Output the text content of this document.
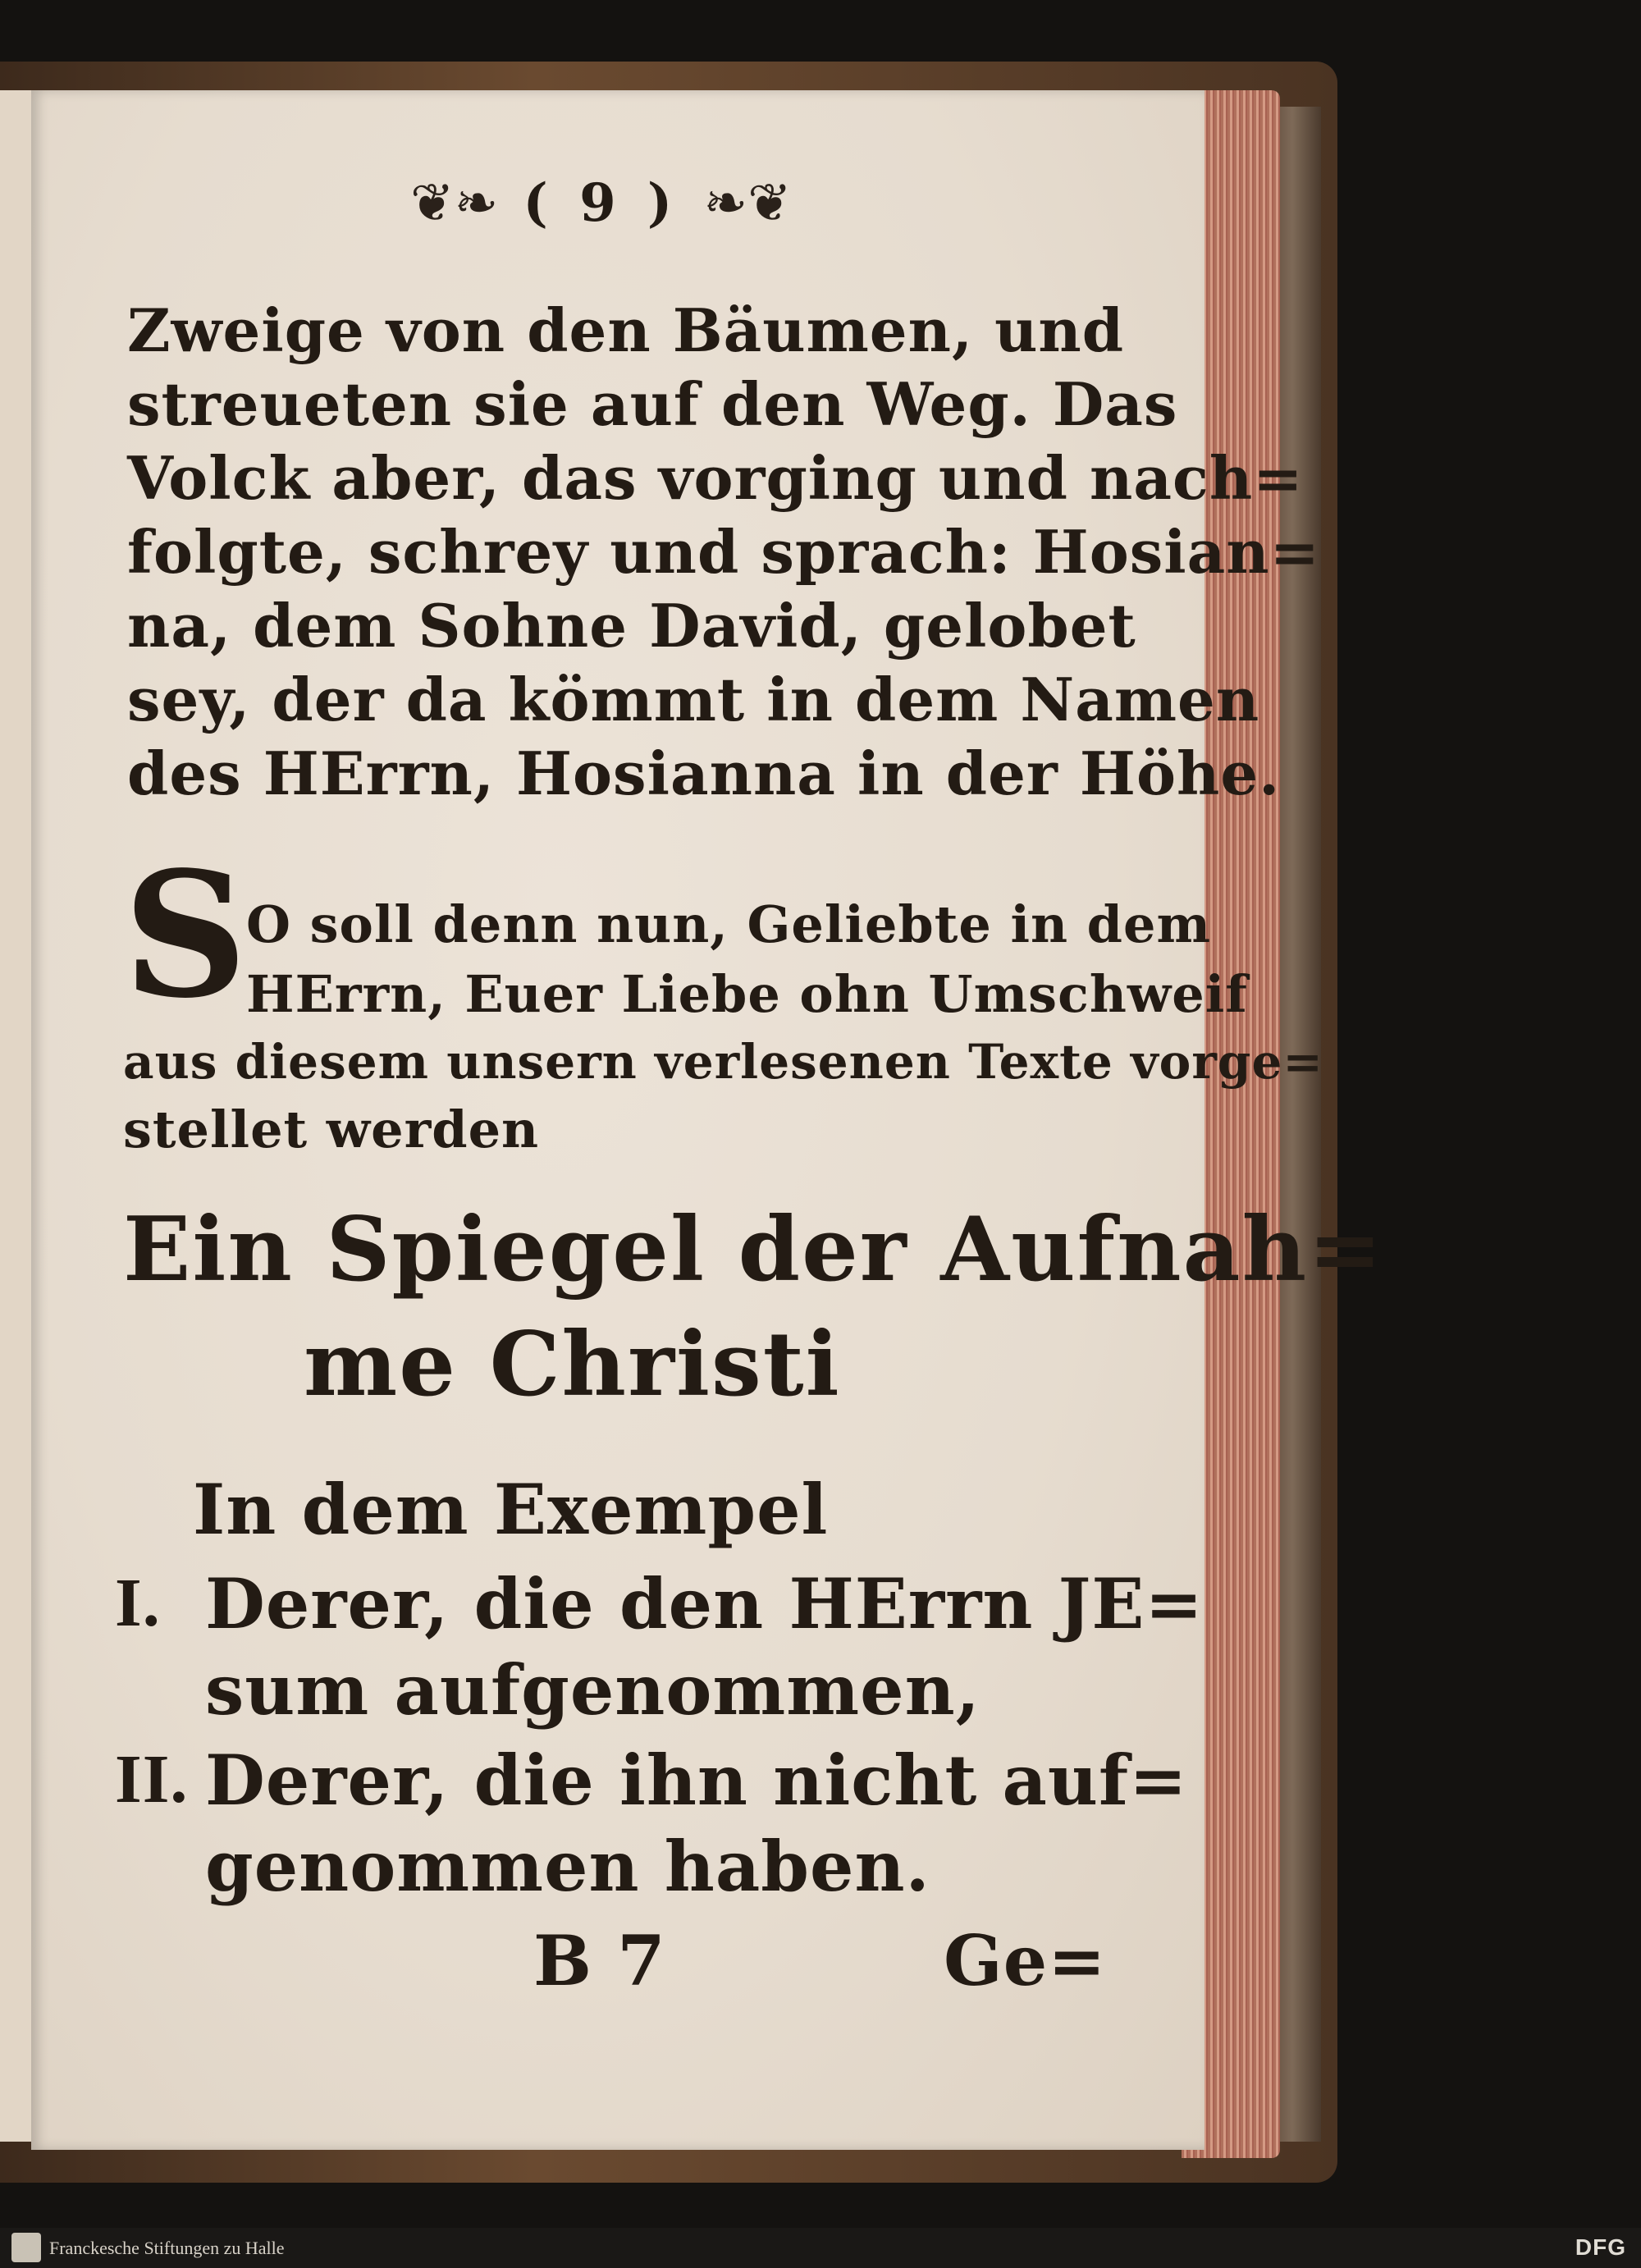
❦❧ ( 9 ) ❧❦
Zweige von den Bäumen, und
streueten sie auf den Weg. Das
Volck aber, das vorging und nach=
folgte, schrey und sprach: Hosian=
na, dem Sohne David, gelobet
sey, der da kömmt in dem Namen
des HErrn, Hosianna in der Höhe.
S
O soll denn nun, Geliebte in dem
HErrn, Euer Liebe ohn Umschweif
aus diesem unsern verlesenen Texte vorge=
stellet werden
Ein Spiegel der Aufnah=
me Christi
In dem Exempel
I. Derer, die den HErrn JE=
sum aufgenommen,
II. Derer, die ihn nicht auf=
genommen haben.
B 7	Ge=
Franckesche Stiftungen zu Halle	DFG
